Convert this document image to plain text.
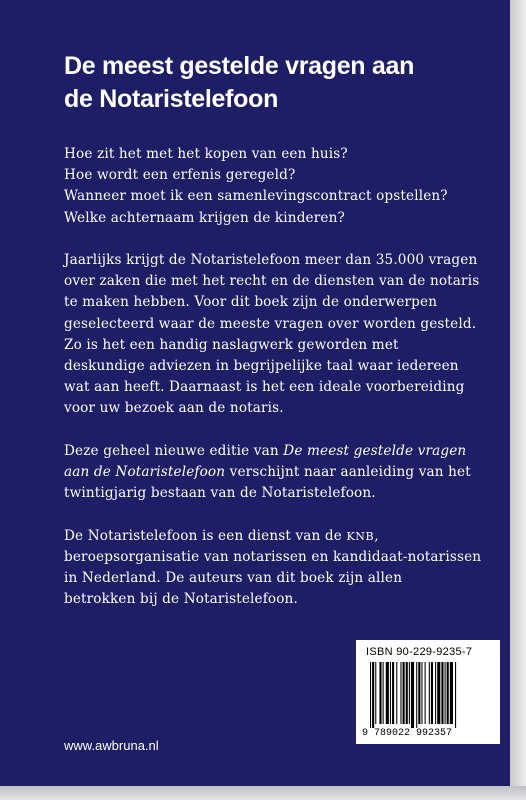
De meest gestelde vragen aan
de Notaristelefoon

Hoe zit het met het kopen van een huis?
Hoe wordt een erfenis geregeld?
Wanneer moet ik een samenlevingscontract opstellen?
Welke achternaam krijgen de kinderen?

Jaarlijks krijgt de Notaristelefoon meer dan 35.000 vragen
over zaken die met het recht en de diensten van de notaris
te maken hebben. Voor dit boek zijn de onderwerpen
geselecteerd waar de meeste vragen over worden gesteld.
Zo is het een handig naslagwerk geworden met
deskundige adviezen in begrijpelijke taal waar iedereen
wat aan heeft. Daarnaast is het een ideale voorbereiding
voor uw bezoek aan de notaris.

Deze geheel nieuwe editie van De meest gestelde vragen
aan de Notaristelefoon verschijnt naar aanleiding van het
twintigjarig bestaan van de Notaristelefoon.

De Notaristelefoon is een dienst van de KNB,
beroepsorganisatie van notarissen en kandidaat-notarissen
in Nederland. De auteurs van dit boek zijn allen
betrokken bij de Notaristelefoon.

www.awbruna.nl
ISBN 90-229-9235-7
9 789022 992357
